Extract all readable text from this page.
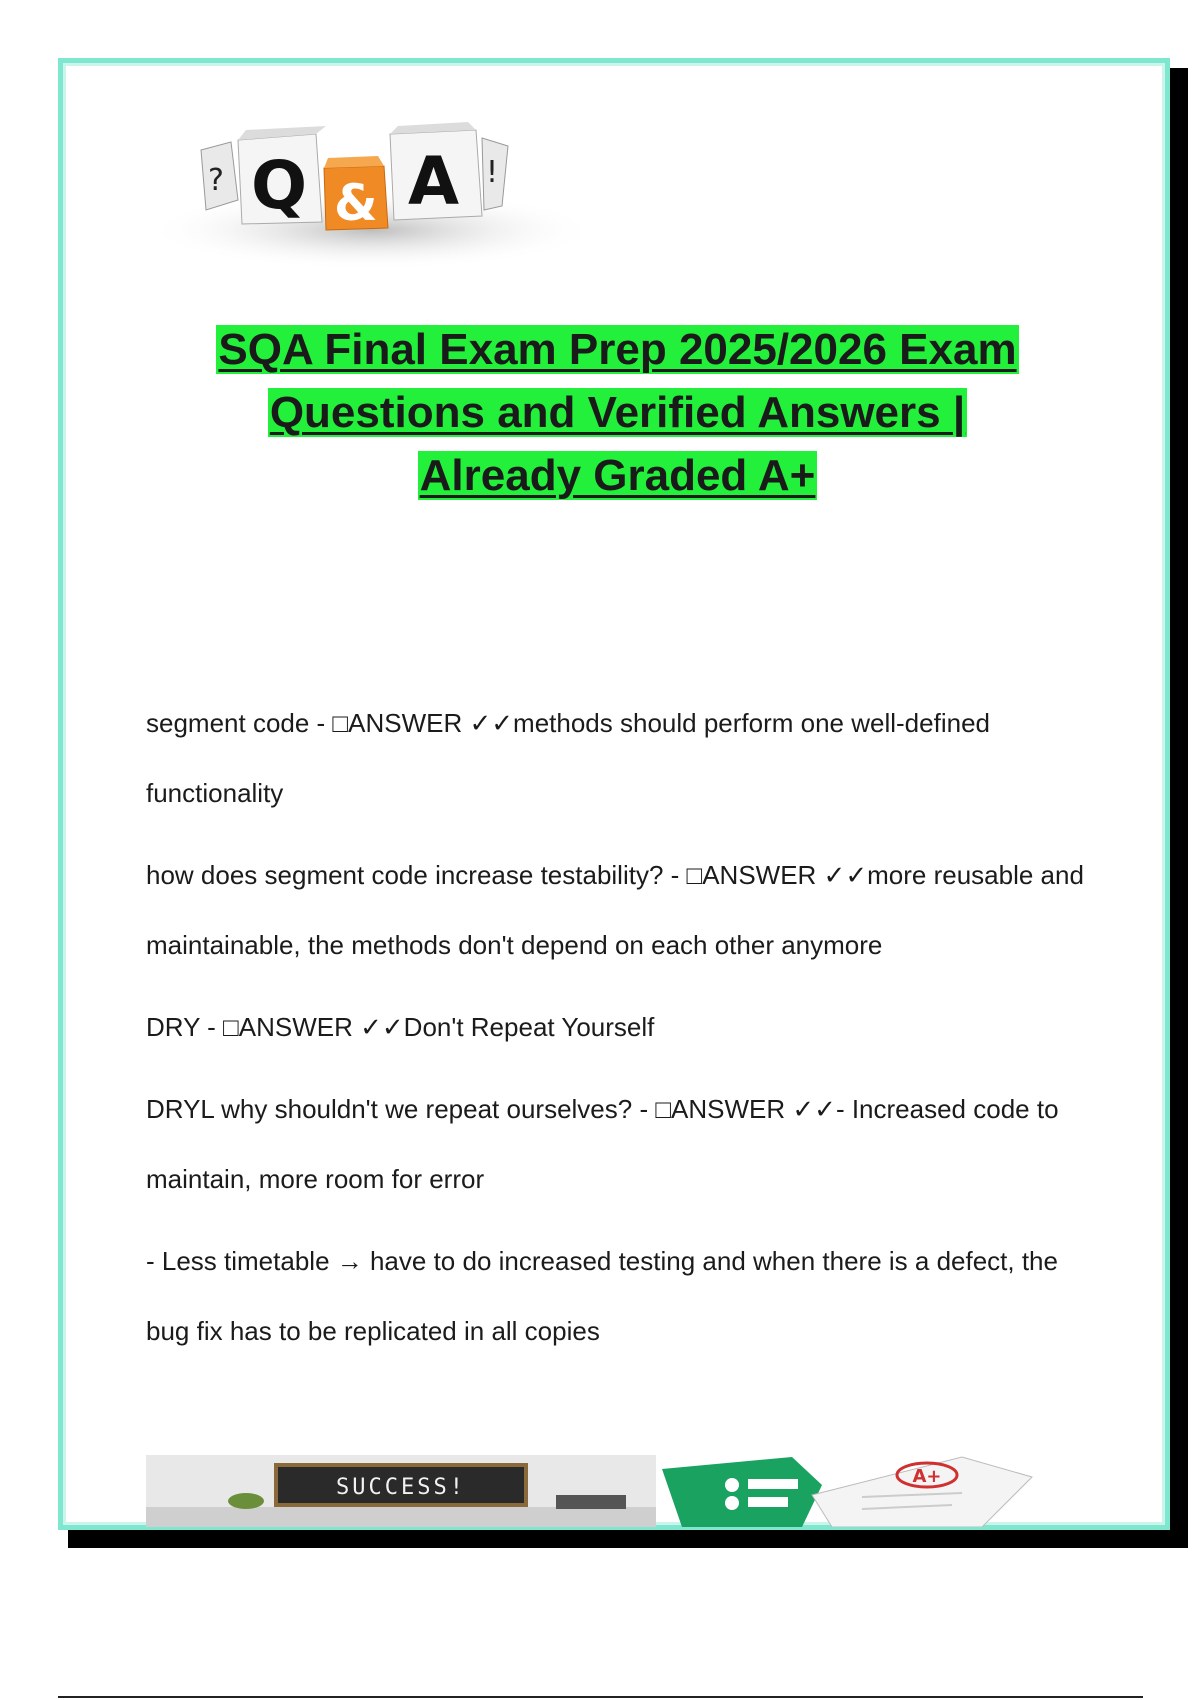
? Q & A !
SQA Final Exam Prep 2025/2026 Exam
Questions and Verified Answers |
Already Graded A+

segment code - □ANSWER ✓✓methods should perform one well-defined functionality

how does segment code increase testability? - □ANSWER ✓✓more reusable and maintainable, the methods don't depend on each other anymore

DRY - □ANSWER ✓✓Don't Repeat Yourself

DRYL why shouldn't we repeat ourselves? - □ANSWER ✓✓- Increased code to maintain, more room for error

- Less timetable → have to do increased testing and when there is a defect, the bug fix has to be replicated in all copies

SUCCESS!	A+
